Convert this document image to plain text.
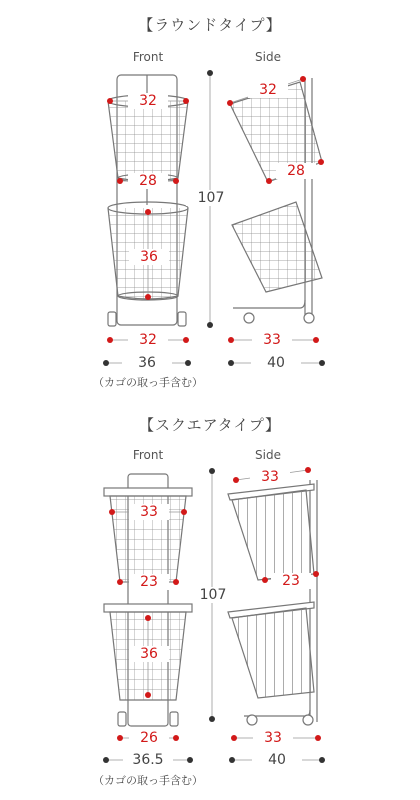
【ラウンドタイプ】
Front	Side
32
28
36
32
36
（カゴの取っ手含む）
107
32
28
33
40
【スクエアタイプ】
Front	Side
33
23
36
26
36.5
（カゴの取っ手含む）
107
33
23
33
40
